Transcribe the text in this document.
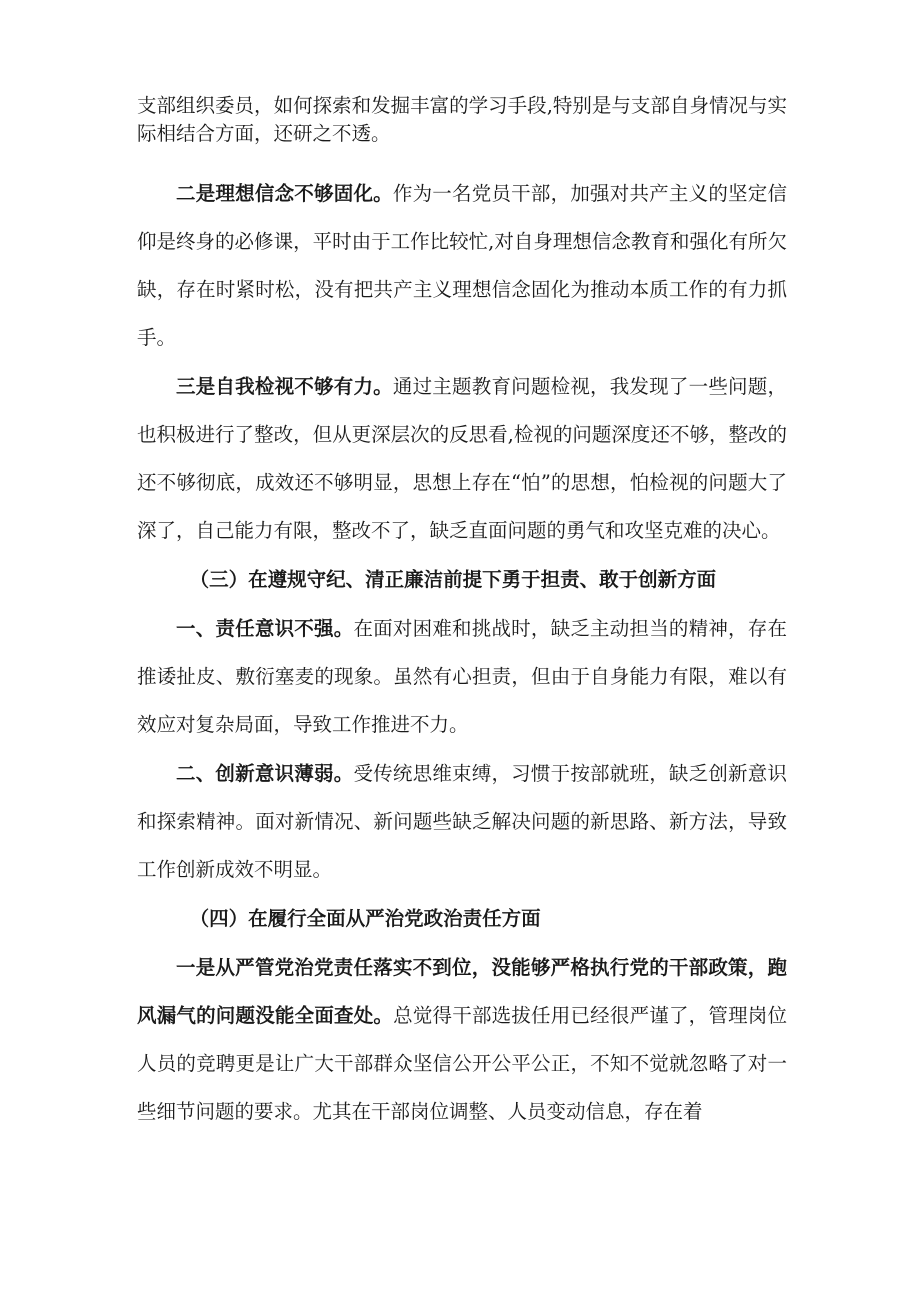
支部组织委员，如何探索和发掘丰富的学习手段,特别是与支部自身情况与实际相结合方面，还研之不透。

二是理想信念不够固化。作为一名党员干部，加强对共产主义的坚定信仰是终身的必修课，平时由于工作比较忙,对自身理想信念教育和强化有所欠缺，存在时紧时松，没有把共产主义理想信念固化为推动本质工作的有力抓手。

三是自我检视不够有力。通过主题教育问题检视，我发现了一些问题，也积极进行了整改，但从更深层次的反思看,检视的问题深度还不够，整改的还不够彻底，成效还不够明显，思想上存在“怕”的思想，怕检视的问题大了深了，自己能力有限，整改不了，缺乏直面问题的勇气和攻坚克难的决心。

（三）在遵规守纪、清正廉洁前提下勇于担责、敢于创新方面

一、责任意识不强。在面对困难和挑战时，缺乏主动担当的精神，存在推诿扯皮、敷衍塞麦的现象。虽然有心担责，但由于自身能力有限，难以有效应对复杂局面，导致工作推进不力。

二、创新意识薄弱。受传统思维束缚，习惯于按部就班，缺乏创新意识和探索精神。面对新情况、新问题些缺乏解决问题的新思路、新方法，导致工作创新成效不明显。

（四）在履行全面从严治党政治责任方面

一是从严管党治党责任落实不到位，没能够严格执行党的干部政策，跑风漏气的问题没能全面查处。总觉得干部选拔任用已经很严谨了，管理岗位人员的竞聘更是让广大干部群众坚信公开公平公正，不知不觉就忽略了对一些细节问题的要求。尤其在干部岗位调整、人员变动信息，存在着
